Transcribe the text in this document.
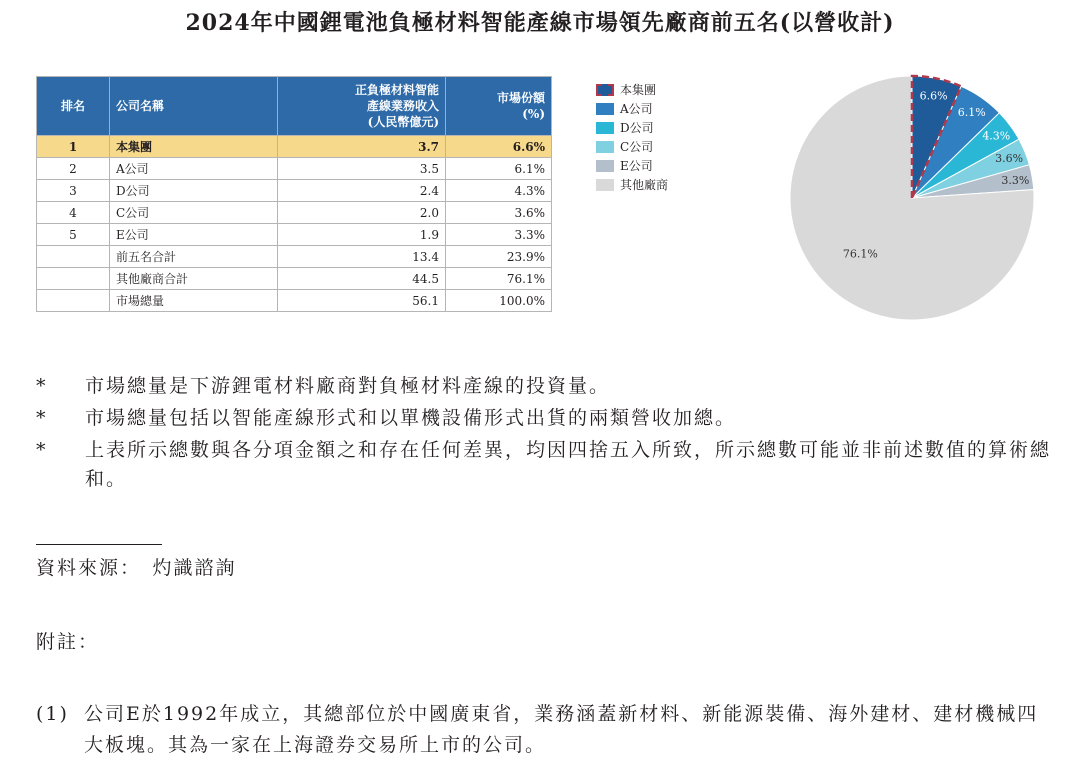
2024年中國鋰電池負極材料智能產線市場領先廠商前五名(以營收計)
排名	公司名稱	正負極材料智能
產線業務收入
(人民幣億元)	市場份額
(%)
1	本集團	3.7	6.6%
2	A公司	3.5	6.1%
3	D公司	2.4	4.3%
4	C公司	2.0	3.6%
5	E公司	1.9	3.3%
	前五名合計	13.4	23.9%
	其他廠商合計	44.5	76.1%
	市場總量	56.1	100.0%
本集團
A公司
D公司
C公司
E公司
其他廠商
6.6%
6.1%
4.3%
3.6%
3.3%
76.1%
* 市場總量是下游鋰電材料廠商對負極材料產線的投資量。
* 市場總量包括以智能產線形式和以單機設備形式出貨的兩類營收加總。
* 上表所示總數與各分項金額之和存在任何差異，均因四捨五入所致，所示總數可能並非前述數值的算術總和。
資料來源：　灼識諮詢
附註：
(1) 公司E於1992年成立，其總部位於中國廣東省，業務涵蓋新材料、新能源裝備、海外建材、建材機械四大板塊。其為一家在上海證券交易所上市的公司。
